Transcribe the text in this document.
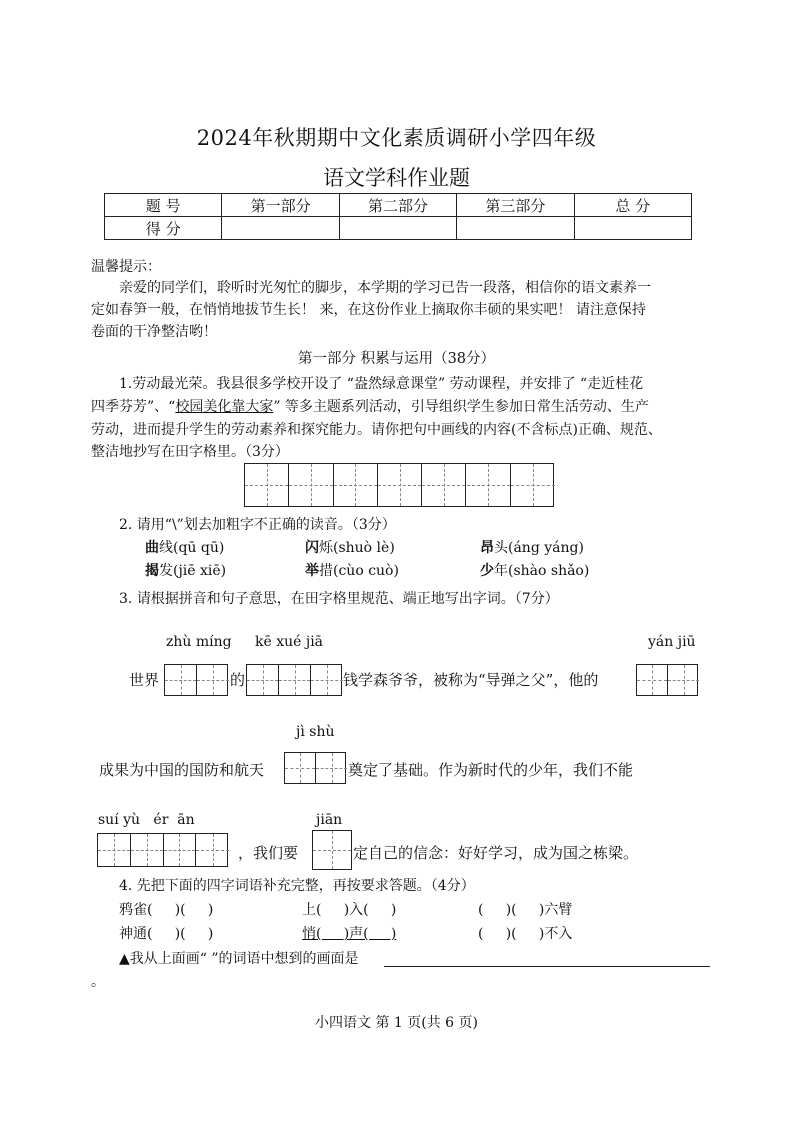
2024年秋期期中文化素质调研小学四年级
语文学科作业题
题 号	第一部分	第二部分	第三部分	总 分
得 分				
温馨提示：
亲爱的同学们，聆听时光匆忙的脚步，本学期的学习已告一段落，相信你的语文素养一
定如春笋一般，在悄悄地拔节生长！ 来，在这份作业上摘取你丰硕的果实吧！ 请注意保持
卷面的干净整洁哟！
第一部分 积累与运用（38分）
1.劳动最光荣。我县很多学校开设了 “盎然绿意课堂” 劳动课程，并安排了 “走近桂花
四季芬芳”、“校园美化靠大家” 等多主题系列活动，引导组织学生参加日常生活劳动、生产
劳动，进而提升学生的劳动素养和探究能力。请你把句中画线的内容(不含标点)正确、规范、
整洁地抄写在田字格里。（3分）
2. 请用“\”划去加粗字不正确的读音。（3分）
曲线(qū qū)	闪烁(shuò lè)	昂头(áng yáng)
揭发(jiē xiē)	举措(cùo cuò)	少年(shào shǎo)
3. 请根据拼音和句子意思，在田字格里规范、端正地写出字词。（7分）
zhù míng kē xué jiā	yán jiū
世界	的	钱学森爷爷，被称为“导弹之父”，他的
jì shù
成果为中国的国防和航天	奠定了基础。作为新时代的少年，我们不能
suí yù   ér  ān	jiān
，我们要	定自己的信念：好好学习，成为国之栋梁。
4. 先把下面的四字词语补充完整，再按要求答题。（4分）
鸦雀(     )(     )	上(     )入(     )	(     )(     )六臂
神通(     )(     )	悄(     )声(     )	(     )(     )不入
▲我从上面画“ ”的词语中想到的画面是
。
小四语文 第 1 页(共 6 页)
